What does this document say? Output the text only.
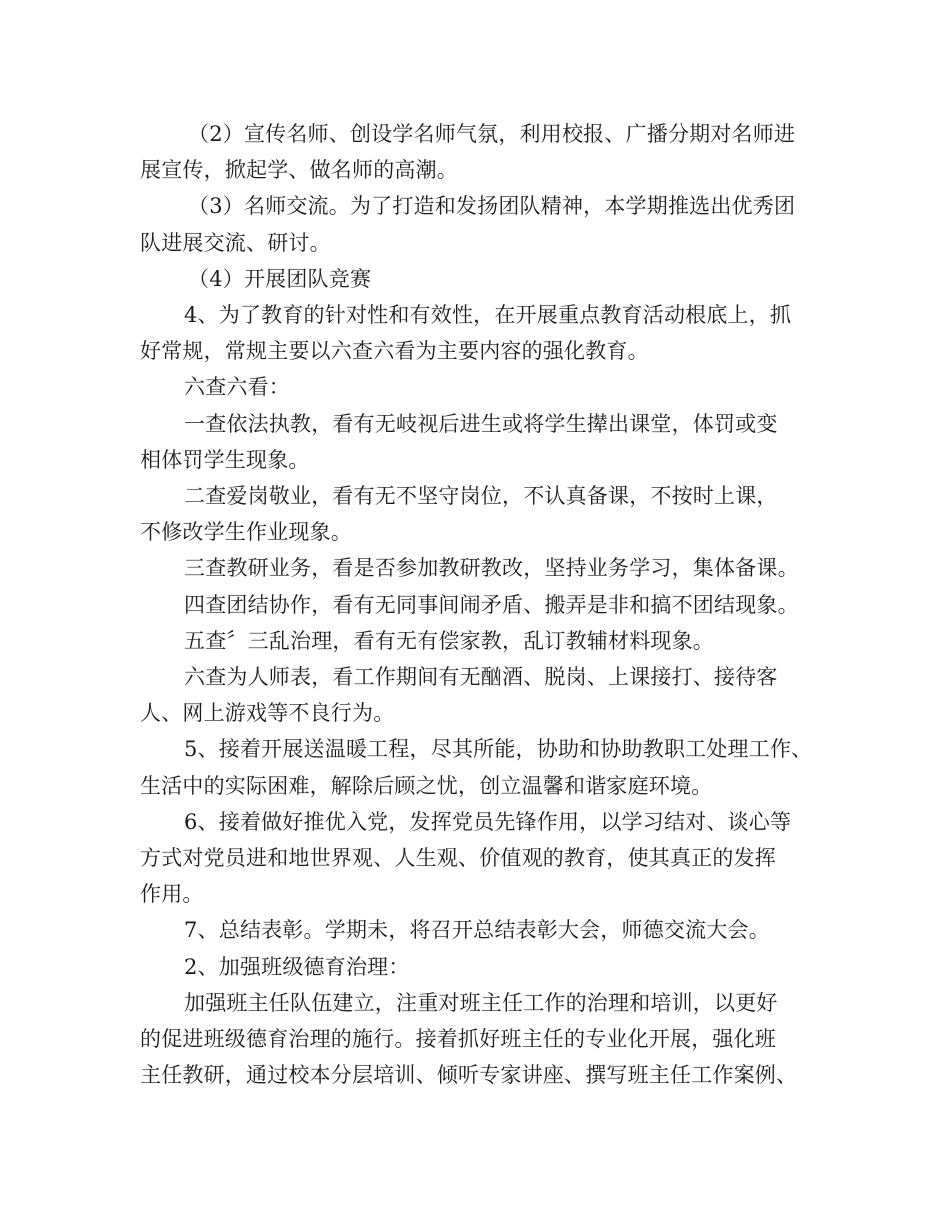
（2）宣传名师、创设学名师气氛，利用校报、广播分期对名师进
展宣传，掀起学、做名师的高潮。

（3）名师交流。为了打造和发扬团队精神，本学期推选出优秀团
队进展交流、研讨。

（4）开展团队竞赛

4、为了教育的针对性和有效性，在开展重点教育活动根底上，抓
好常规，常规主要以六查六看为主要内容的强化教育。

六查六看：

一查依法执教，看有无岐视后进生或将学生撵出课堂，体罚或变
相体罚学生现象。

二查爱岗敬业，看有无不坚守岗位，不认真备课，不按时上课，
不修改学生作业现象。

三查教研业务，看是否参加教研教改，坚持业务学习，集体备课。

四查团结协作，看有无同事间闹矛盾、搬弄是非和搞不团结现象。

五查〞三乱治理，看有无有偿家教，乱订教辅材料现象。

六查为人师表，看工作期间有无酗酒、脱岗、上课接打、接待客
人、网上游戏等不良行为。

5、接着开展送温暖工程，尽其所能，协助和协助教职工处理工作、
生活中的实际困难，解除后顾之忧，创立温馨和谐家庭环境。

6、接着做好推优入党，发挥党员先锋作用，以学习结对、谈心等
方式对党员进和地世界观、人生观、价值观的教育，使其真正的发挥
作用。

7、总结表彰。学期未，将召开总结表彰大会，师德交流大会。

2、加强班级德育治理：

加强班主任队伍建立，注重对班主任工作的治理和培训，以更好
的促进班级德育治理的施行。接着抓好班主任的专业化开展，强化班
主任教研，通过校本分层培训、倾听专家讲座、撰写班主任工作案例、
